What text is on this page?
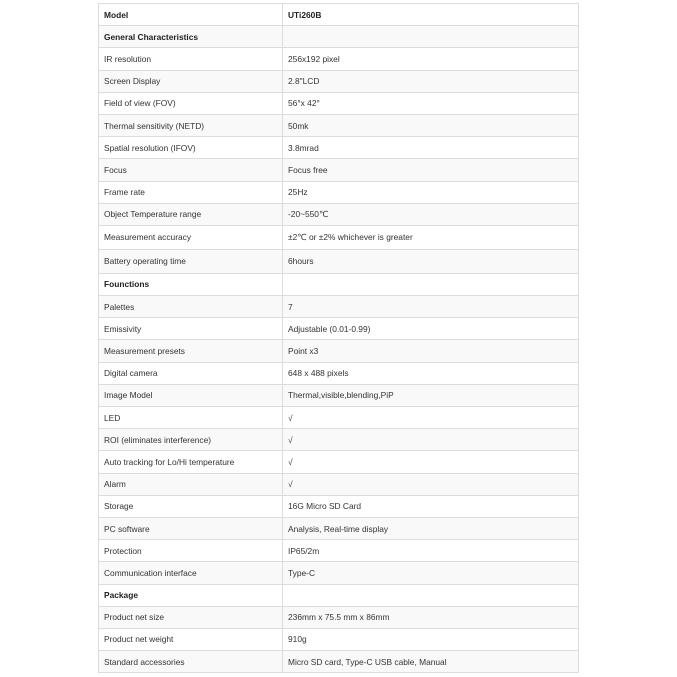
Model	UTi260B
General Characteristics	
IR resolution	256x192 pixel
Screen Display	2.8"LCD
Field of view (FOV)	56°x 42°
Thermal sensitivity (NETD)	50mk
Spatial resolution (IFOV)	3.8mrad
Focus	Focus free
Frame rate	25Hz
Object Temperature range	-20~550℃
Measurement accuracy	±2℃ or ±2% whichever is greater
Battery operating time	6hours
Founctions	
Palettes	7
Emissivity	Adjustable (0.01-0.99)
Measurement presets	Point x3
Digital camera	648 x 488 pixels
Image Model	Thermal,visible,blending,PiP
LED	√
ROI (eliminates interference)	√
Auto tracking for Lo/Hi temperature	√
Alarm	√
Storage	16G Micro SD Card
PC software	Analysis, Real-time display
Protection	IP65/2m
Communication interface	Type-C
Package	
Product net size	236mm x 75.5 mm x 86mm
Product net weight	910g
Standard accessories	Micro SD card, Type-C USB cable, Manual
